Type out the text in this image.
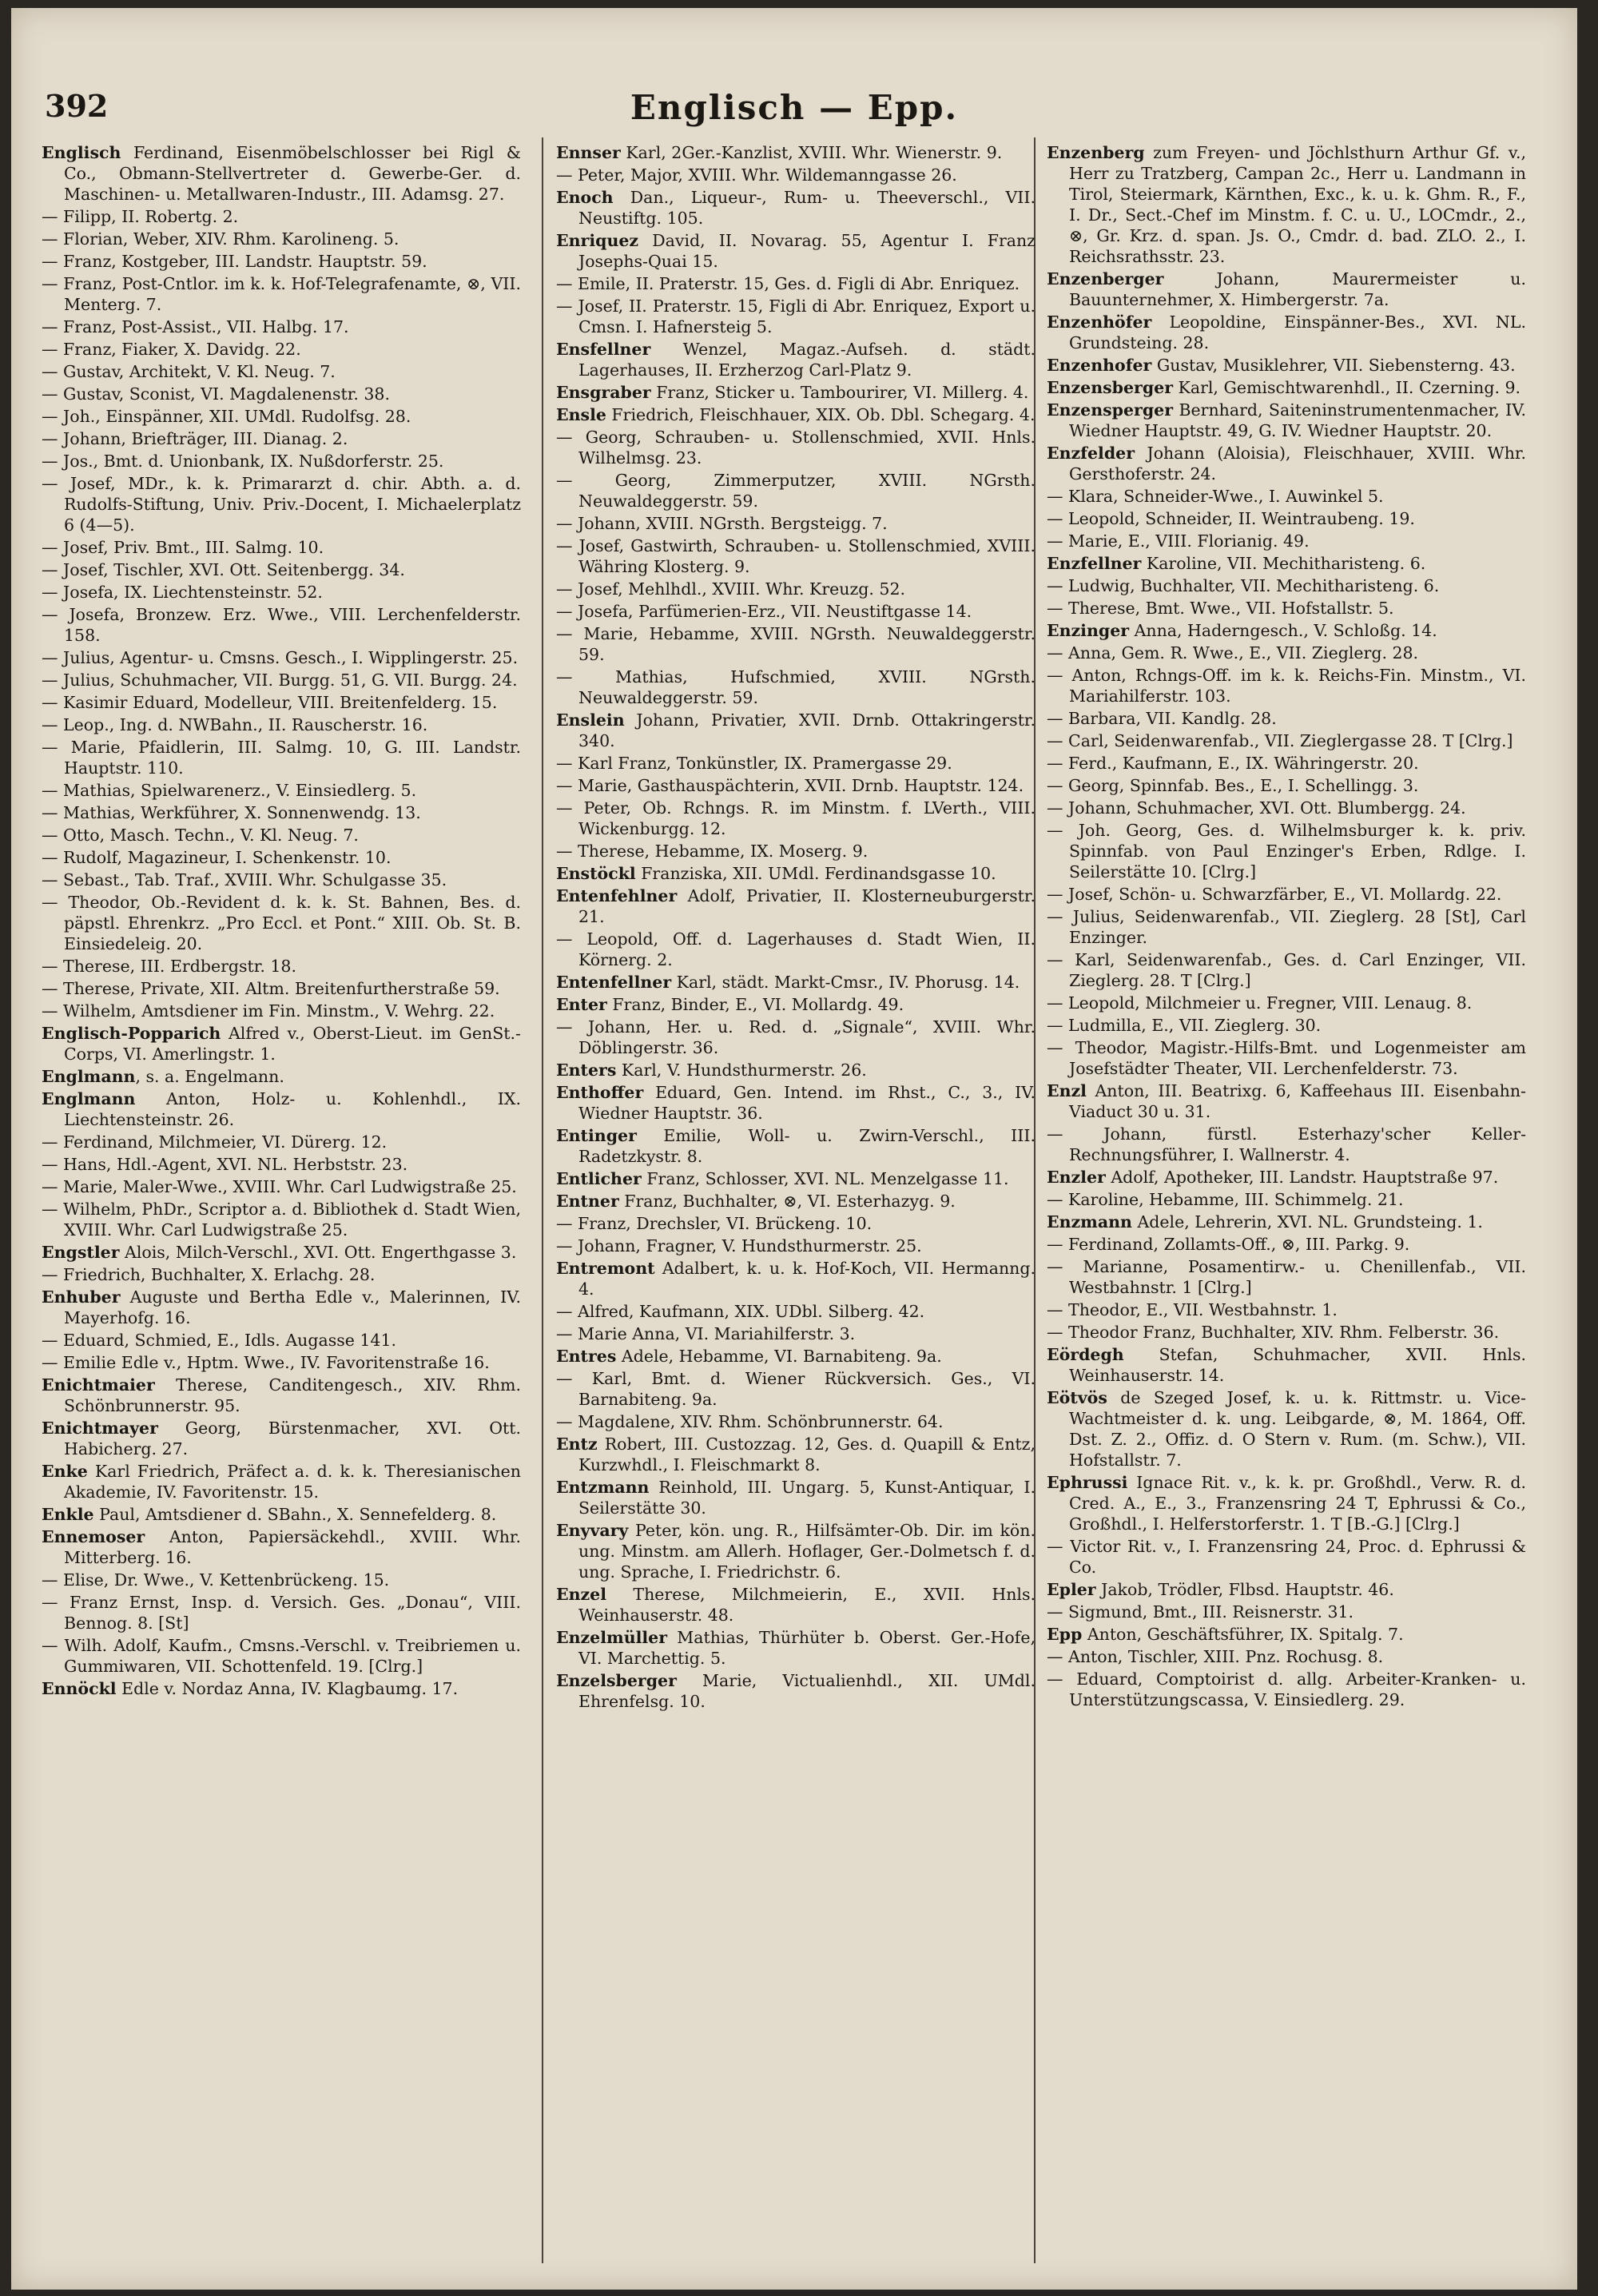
392	Englisch — Epp.
Englisch Ferdinand, Eisenmöbelschlosser bei Rigl & Co., Obmann-Stellvertreter d. Gewerbe-Ger. d. Maschinen- u. Metallwaren-Industr., III. Adamsg. 27.
— Filipp, II. Robertg. 2.
— Florian, Weber, XIV. Rhm. Karolineng. 5.
— Franz, Kostgeber, III. Landstr. Hauptstr. 59.
— Franz, Post-Cntlor. im k. k. Hof-Telegrafenamte, ⊗, VII. Menterg. 7.
— Franz, Post-Assist., VII. Halbg. 17.
— Franz, Fiaker, X. Davidg. 22.
— Gustav, Architekt, V. Kl. Neug. 7.
— Gustav, Sconist, VI. Magdalenenstr. 38.
— Joh., Einspänner, XII. UMdl. Rudolfsg. 28.
— Johann, Briefträger, III. Dianag. 2.
— Jos., Bmt. d. Unionbank, IX. Nußdorferstr. 25.
— Josef, MDr., k. k. Primararzt d. chir. Abth. a. d. Rudolfs-Stiftung, Univ. Priv.-Docent, I. Michaelerplatz 6 (4—5).
— Josef, Priv. Bmt., III. Salmg. 10.
— Josef, Tischler, XVI. Ott. Seitenbergg. 34.
— Josefa, IX. Liechtensteinstr. 52.
— Josefa, Bronzew. Erz. Wwe., VIII. Lerchenfelderstr. 158.
— Julius, Agentur- u. Cmsns. Gesch., I. Wipplingerstr. 25.
— Julius, Schuhmacher, VII. Burgg. 51, G. VII. Burgg. 24.
— Kasimir Eduard, Modelleur, VIII. Breitenfelderg. 15.
— Leop., Ing. d. NWBahn., II. Rauscherstr. 16.
— Marie, Pfaidlerin, III. Salmg. 10, G. III. Landstr. Hauptstr. 110.
— Mathias, Spielwarenerz., V. Einsiedlerg. 5.
— Mathias, Werkführer, X. Sonnenwendg. 13.
— Otto, Masch. Techn., V. Kl. Neug. 7.
— Rudolf, Magazineur, I. Schenkenstr. 10.
— Sebast., Tab. Traf., XVIII. Whr. Schulgasse 35.
— Theodor, Ob.-Revident d. k. k. St. Bahnen, Bes. d. päpstl. Ehrenkrz. „Pro Eccl. et Pont.“ XIII. Ob. St. B. Einsiedeleig. 20.
— Therese, III. Erdbergstr. 18.
— Therese, Private, XII. Altm. Breitenfurtherstraße 59.
— Wilhelm, Amtsdiener im Fin. Minstm., V. Wehrg. 22.
Englisch-Popparich Alfred v., Oberst-Lieut. im GenSt.-Corps, VI. Amerlingstr. 1.
Englmann, s. a. Engelmann.
Englmann Anton, Holz- u. Kohlenhdl., IX. Liechtensteinstr. 26.
— Ferdinand, Milchmeier, VI. Dürerg. 12.
— Hans, Hdl.-Agent, XVI. NL. Herbststr. 23.
— Marie, Maler-Wwe., XVIII. Whr. Carl Ludwigstraße 25.
— Wilhelm, PhDr., Scriptor a. d. Bibliothek d. Stadt Wien, XVIII. Whr. Carl Ludwigstraße 25.
Engstler Alois, Milch-Verschl., XVI. Ott. Engerthgasse 3.
— Friedrich, Buchhalter, X. Erlachg. 28.
Enhuber Auguste und Bertha Edle v., Malerinnen, IV. Mayerhofg. 16.
— Eduard, Schmied, E., Idls. Augasse 141.
— Emilie Edle v., Hptm. Wwe., IV. Favoritenstraße 16.
Enichtmaier Therese, Canditengesch., XIV. Rhm. Schönbrunnerstr. 95.
Enichtmayer Georg, Bürstenmacher, XVI. Ott. Habicherg. 27.
Enke Karl Friedrich, Präfect a. d. k. k. Theresianischen Akademie, IV. Favoritenstr. 15.
Enkle Paul, Amtsdiener d. SBahn., X. Sennefelderg. 8.
Ennemoser Anton, Papiersäckehdl., XVIII. Whr. Mitterberg. 16.
— Elise, Dr. Wwe., V. Kettenbrückeng. 15.
— Franz Ernst, Insp. d. Versich. Ges. „Donau“, VIII. Bennog. 8. [St]
— Wilh. Adolf, Kaufm., Cmsns.-Verschl. v. Treibriemen u. Gummiwaren, VII. Schottenfeld. 19. [Clrg.]
Ennöckl Edle v. Nordaz Anna, IV. Klagbaumg. 17.
Ennser Karl, 2Ger.-Kanzlist, XVIII. Whr. Wienerstr. 9.
— Peter, Major, XVIII. Whr. Wildemanngasse 26.
Enoch Dan., Liqueur-, Rum- u. Theeverschl., VII. Neustiftg. 105.
Enriquez David, II. Novarag. 55, Agentur I. Franz Josephs-Quai 15.
— Emile, II. Praterstr. 15, Ges. d. Figli di Abr. Enriquez.
— Josef, II. Praterstr. 15, Figli di Abr. Enriquez, Export u. Cmsn. I. Hafnersteig 5.
Ensfellner Wenzel, Magaz.-Aufseh. d. städt. Lagerhauses, II. Erzherzog Carl-Platz 9.
Ensgraber Franz, Sticker u. Tambourirer, VI. Millerg. 4.
Ensle Friedrich, Fleischhauer, XIX. Ob. Dbl. Schegarg. 4.
— Georg, Schrauben- u. Stollenschmied, XVII. Hnls. Wilhelmsg. 23.
— Georg, Zimmerputzer, XVIII. NGrsth. Neuwaldeggerstr. 59.
— Johann, XVIII. NGrsth. Bergsteigg. 7.
— Josef, Gastwirth, Schrauben- u. Stollenschmied, XVIII. Währing Klosterg. 9.
— Josef, Mehlhdl., XVIII. Whr. Kreuzg. 52.
— Josefa, Parfümerien-Erz., VII. Neustiftgasse 14.
— Marie, Hebamme, XVIII. NGrsth. Neuwaldeggerstr. 59.
— Mathias, Hufschmied, XVIII. NGrsth. Neuwaldeggerstr. 59.
Enslein Johann, Privatier, XVII. Drnb. Ottakringerstr. 340.
— Karl Franz, Tonkünstler, IX. Pramergasse 29.
— Marie, Gasthauspächterin, XVII. Drnb. Hauptstr. 124.
— Peter, Ob. Rchngs. R. im Minstm. f. LVerth., VIII. Wickenburgg. 12.
— Therese, Hebamme, IX. Moserg. 9.
Enstöckl Franziska, XII. UMdl. Ferdinandsgasse 10.
Entenfehlner Adolf, Privatier, II. Klosterneuburgerstr. 21.
— Leopold, Off. d. Lagerhauses d. Stadt Wien, II. Körnerg. 2.
Entenfellner Karl, städt. Markt-Cmsr., IV. Phorusg. 14.
Enter Franz, Binder, E., VI. Mollardg. 49.
— Johann, Her. u. Red. d. „Signale“, XVIII. Whr. Döblingerstr. 36.
Enters Karl, V. Hundsthurmerstr. 26.
Enthoffer Eduard, Gen. Intend. im Rhst., C., 3., IV. Wiedner Hauptstr. 36.
Entinger Emilie, Woll- u. Zwirn-Verschl., III. Radetzkystr. 8.
Entlicher Franz, Schlosser, XVI. NL. Menzelgasse 11.
Entner Franz, Buchhalter, ⊗, VI. Esterhazyg. 9.
— Franz, Drechsler, VI. Brückeng. 10.
— Johann, Fragner, V. Hundsthurmerstr. 25.
Entremont Adalbert, k. u. k. Hof-Koch, VII. Hermanng. 4.
— Alfred, Kaufmann, XIX. UDbl. Silberg. 42.
— Marie Anna, VI. Mariahilferstr. 3.
Entres Adele, Hebamme, VI. Barnabiteng. 9a.
— Karl, Bmt. d. Wiener Rückversich. Ges., VI. Barnabiteng. 9a.
— Magdalene, XIV. Rhm. Schönbrunnerstr. 64.
Entz Robert, III. Custozzag. 12, Ges. d. Quapill & Entz, Kurzwhdl., I. Fleischmarkt 8.
Entzmann Reinhold, III. Ungarg. 5, Kunst-Antiquar, I. Seilerstätte 30.
Enyvary Peter, kön. ung. R., Hilfsämter-Ob. Dir. im kön. ung. Minstm. am Allerh. Hoflager, Ger.-Dolmetsch f. d. ung. Sprache, I. Friedrichstr. 6.
Enzel Therese, Milchmeierin, E., XVII. Hnls. Weinhauserstr. 48.
Enzelmüller Mathias, Thürhüter b. Oberst. Ger.-Hofe, VI. Marchettig. 5.
Enzelsberger Marie, Victualienhdl., XII. UMdl. Ehrenfelsg. 10.
Enzenberg zum Freyen- und Jöchlsthurn Arthur Gf. v., Herr zu Tratzberg, Campan 2c., Herr u. Landmann in Tirol, Steiermark, Kärnthen, Exc., k. u. k. Ghm. R., F., I. Dr., Sect.-Chef im Minstm. f. C. u. U., LOCmdr., 2., ⊗, Gr. Krz. d. span. Js. O., Cmdr. d. bad. ZLO. 2., I. Reichsrathsstr. 23.
Enzenberger Johann, Maurermeister u. Bauunternehmer, X. Himbergerstr. 7a.
Enzenhöfer Leopoldine, Einspänner-Bes., XVI. NL. Grundsteing. 28.
Enzenhofer Gustav, Musiklehrer, VII. Siebensterng. 43.
Enzensberger Karl, Gemischtwarenhdl., II. Czerning. 9.
Enzensperger Bernhard, Saiteninstrumentenmacher, IV. Wiedner Hauptstr. 49, G. IV. Wiedner Hauptstr. 20.
Enzfelder Johann (Aloisia), Fleischhauer, XVIII. Whr. Gersthoferstr. 24.
— Klara, Schneider-Wwe., I. Auwinkel 5.
— Leopold, Schneider, II. Weintraubeng. 19.
— Marie, E., VIII. Florianig. 49.
Enzfellner Karoline, VII. Mechitharisteng. 6.
— Ludwig, Buchhalter, VII. Mechitharisteng. 6.
— Therese, Bmt. Wwe., VII. Hofstallstr. 5.
Enzinger Anna, Haderngesch., V. Schloßg. 14.
— Anna, Gem. R. Wwe., E., VII. Zieglerg. 28.
— Anton, Rchngs-Off. im k. k. Reichs-Fin. Minstm., VI. Mariahilferstr. 103.
— Barbara, VII. Kandlg. 28.
— Carl, Seidenwarenfab., VII. Zieglergasse 28. T [Clrg.]
— Ferd., Kaufmann, E., IX. Währingerstr. 20.
— Georg, Spinnfab. Bes., E., I. Schellingg. 3.
— Johann, Schuhmacher, XVI. Ott. Blumbergg. 24.
— Joh. Georg, Ges. d. Wilhelmsburger k. k. priv. Spinnfab. von Paul Enzinger's Erben, Rdlge. I. Seilerstätte 10. [Clrg.]
— Josef, Schön- u. Schwarzfärber, E., VI. Mollardg. 22.
— Julius, Seidenwarenfab., VII. Zieglerg. 28 [St], Carl Enzinger.
— Karl, Seidenwarenfab., Ges. d. Carl Enzinger, VII. Zieglerg. 28. T [Clrg.]
— Leopold, Milchmeier u. Fregner, VIII. Lenaug. 8.
— Ludmilla, E., VII. Zieglerg. 30.
— Theodor, Magistr.-Hilfs-Bmt. und Logenmeister am Josefstädter Theater, VII. Lerchenfelderstr. 73.
Enzl Anton, III. Beatrixg. 6, Kaffeehaus III. Eisenbahn-Viaduct 30 u. 31.
— Johann, fürstl. Esterhazy'scher Keller-Rechnungsführer, I. Wallnerstr. 4.
Enzler Adolf, Apotheker, III. Landstr. Hauptstraße 97.
— Karoline, Hebamme, III. Schimmelg. 21.
Enzmann Adele, Lehrerin, XVI. NL. Grundsteing. 1.
— Ferdinand, Zollamts-Off., ⊗, III. Parkg. 9.
— Marianne, Posamentirw.- u. Chenillenfab., VII. Westbahnstr. 1 [Clrg.]
— Theodor, E., VII. Westbahnstr. 1.
— Theodor Franz, Buchhalter, XIV. Rhm. Felberstr. 36.
Eördegh Stefan, Schuhmacher, XVII. Hnls. Weinhauserstr. 14.
Eötvös de Szeged Josef, k. u. k. Rittmstr. u. Vice-Wachtmeister d. k. ung. Leibgarde, ⊗, M. 1864, Off. Dst. Z. 2., Offiz. d. O Stern v. Rum. (m. Schw.), VII. Hofstallstr. 7.
Ephrussi Ignace Rit. v., k. k. pr. Großhdl., Verw. R. d. Cred. A., E., 3., Franzensring 24 T, Ephrussi & Co., Großhdl., I. Helferstorferstr. 1. T [B.-G.] [Clrg.]
— Victor Rit. v., I. Franzensring 24, Proc. d. Ephrussi & Co.
Epler Jakob, Trödler, Flbsd. Hauptstr. 46.
— Sigmund, Bmt., III. Reisnerstr. 31.
Epp Anton, Geschäftsführer, IX. Spitalg. 7.
— Anton, Tischler, XIII. Pnz. Rochusg. 8.
— Eduard, Comptoirist d. allg. Arbeiter-Kranken- u. Unterstützungscassa, V. Einsiedlerg. 29.
